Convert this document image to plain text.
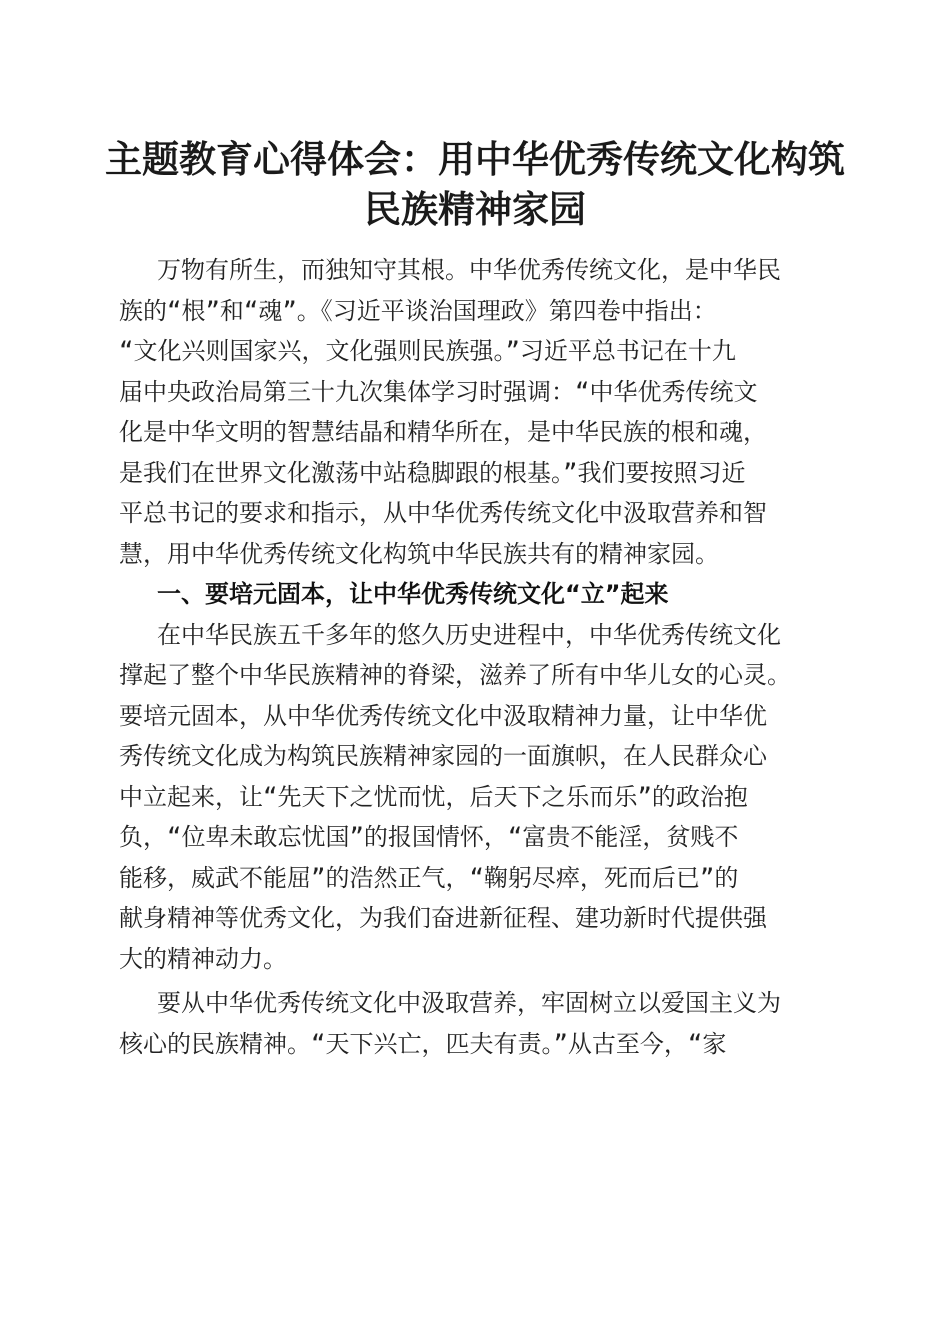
主题教育心得体会：用中华优秀传统文化构筑
民族精神家园
万物有所生，而独知守其根。中华优秀传统文化，是中华民
族的“根”和“魂”。《习近平谈治国理政》第四卷中指出：
“文化兴则国家兴，文化强则民族强。”习近平总书记在十九
届中央政治局第三十九次集体学习时强调：“中华优秀传统文
化是中华文明的智慧结晶和精华所在，是中华民族的根和魂，
是我们在世界文化激荡中站稳脚跟的根基。”我们要按照习近
平总书记的要求和指示，从中华优秀传统文化中汲取营养和智
慧，用中华优秀传统文化构筑中华民族共有的精神家园。
一、要培元固本，让中华优秀传统文化“立”起来
在中华民族五千多年的悠久历史进程中，中华优秀传统文化
撑起了整个中华民族精神的脊梁，滋养了所有中华儿女的心灵。
要培元固本，从中华优秀传统文化中汲取精神力量，让中华优
秀传统文化成为构筑民族精神家园的一面旗帜，在人民群众心
中立起来，让“先天下之忧而忧，后天下之乐而乐”的政治抱
负，“位卑未敢忘忧国”的报国情怀，“富贵不能淫，贫贱不
能移，威武不能屈”的浩然正气，“鞠躬尽瘁，死而后已”的
献身精神等优秀文化，为我们奋进新征程、建功新时代提供强
大的精神动力。
要从中华优秀传统文化中汲取营养，牢固树立以爱国主义为
核心的民族精神。“天下兴亡，匹夫有责。”从古至今，“家
